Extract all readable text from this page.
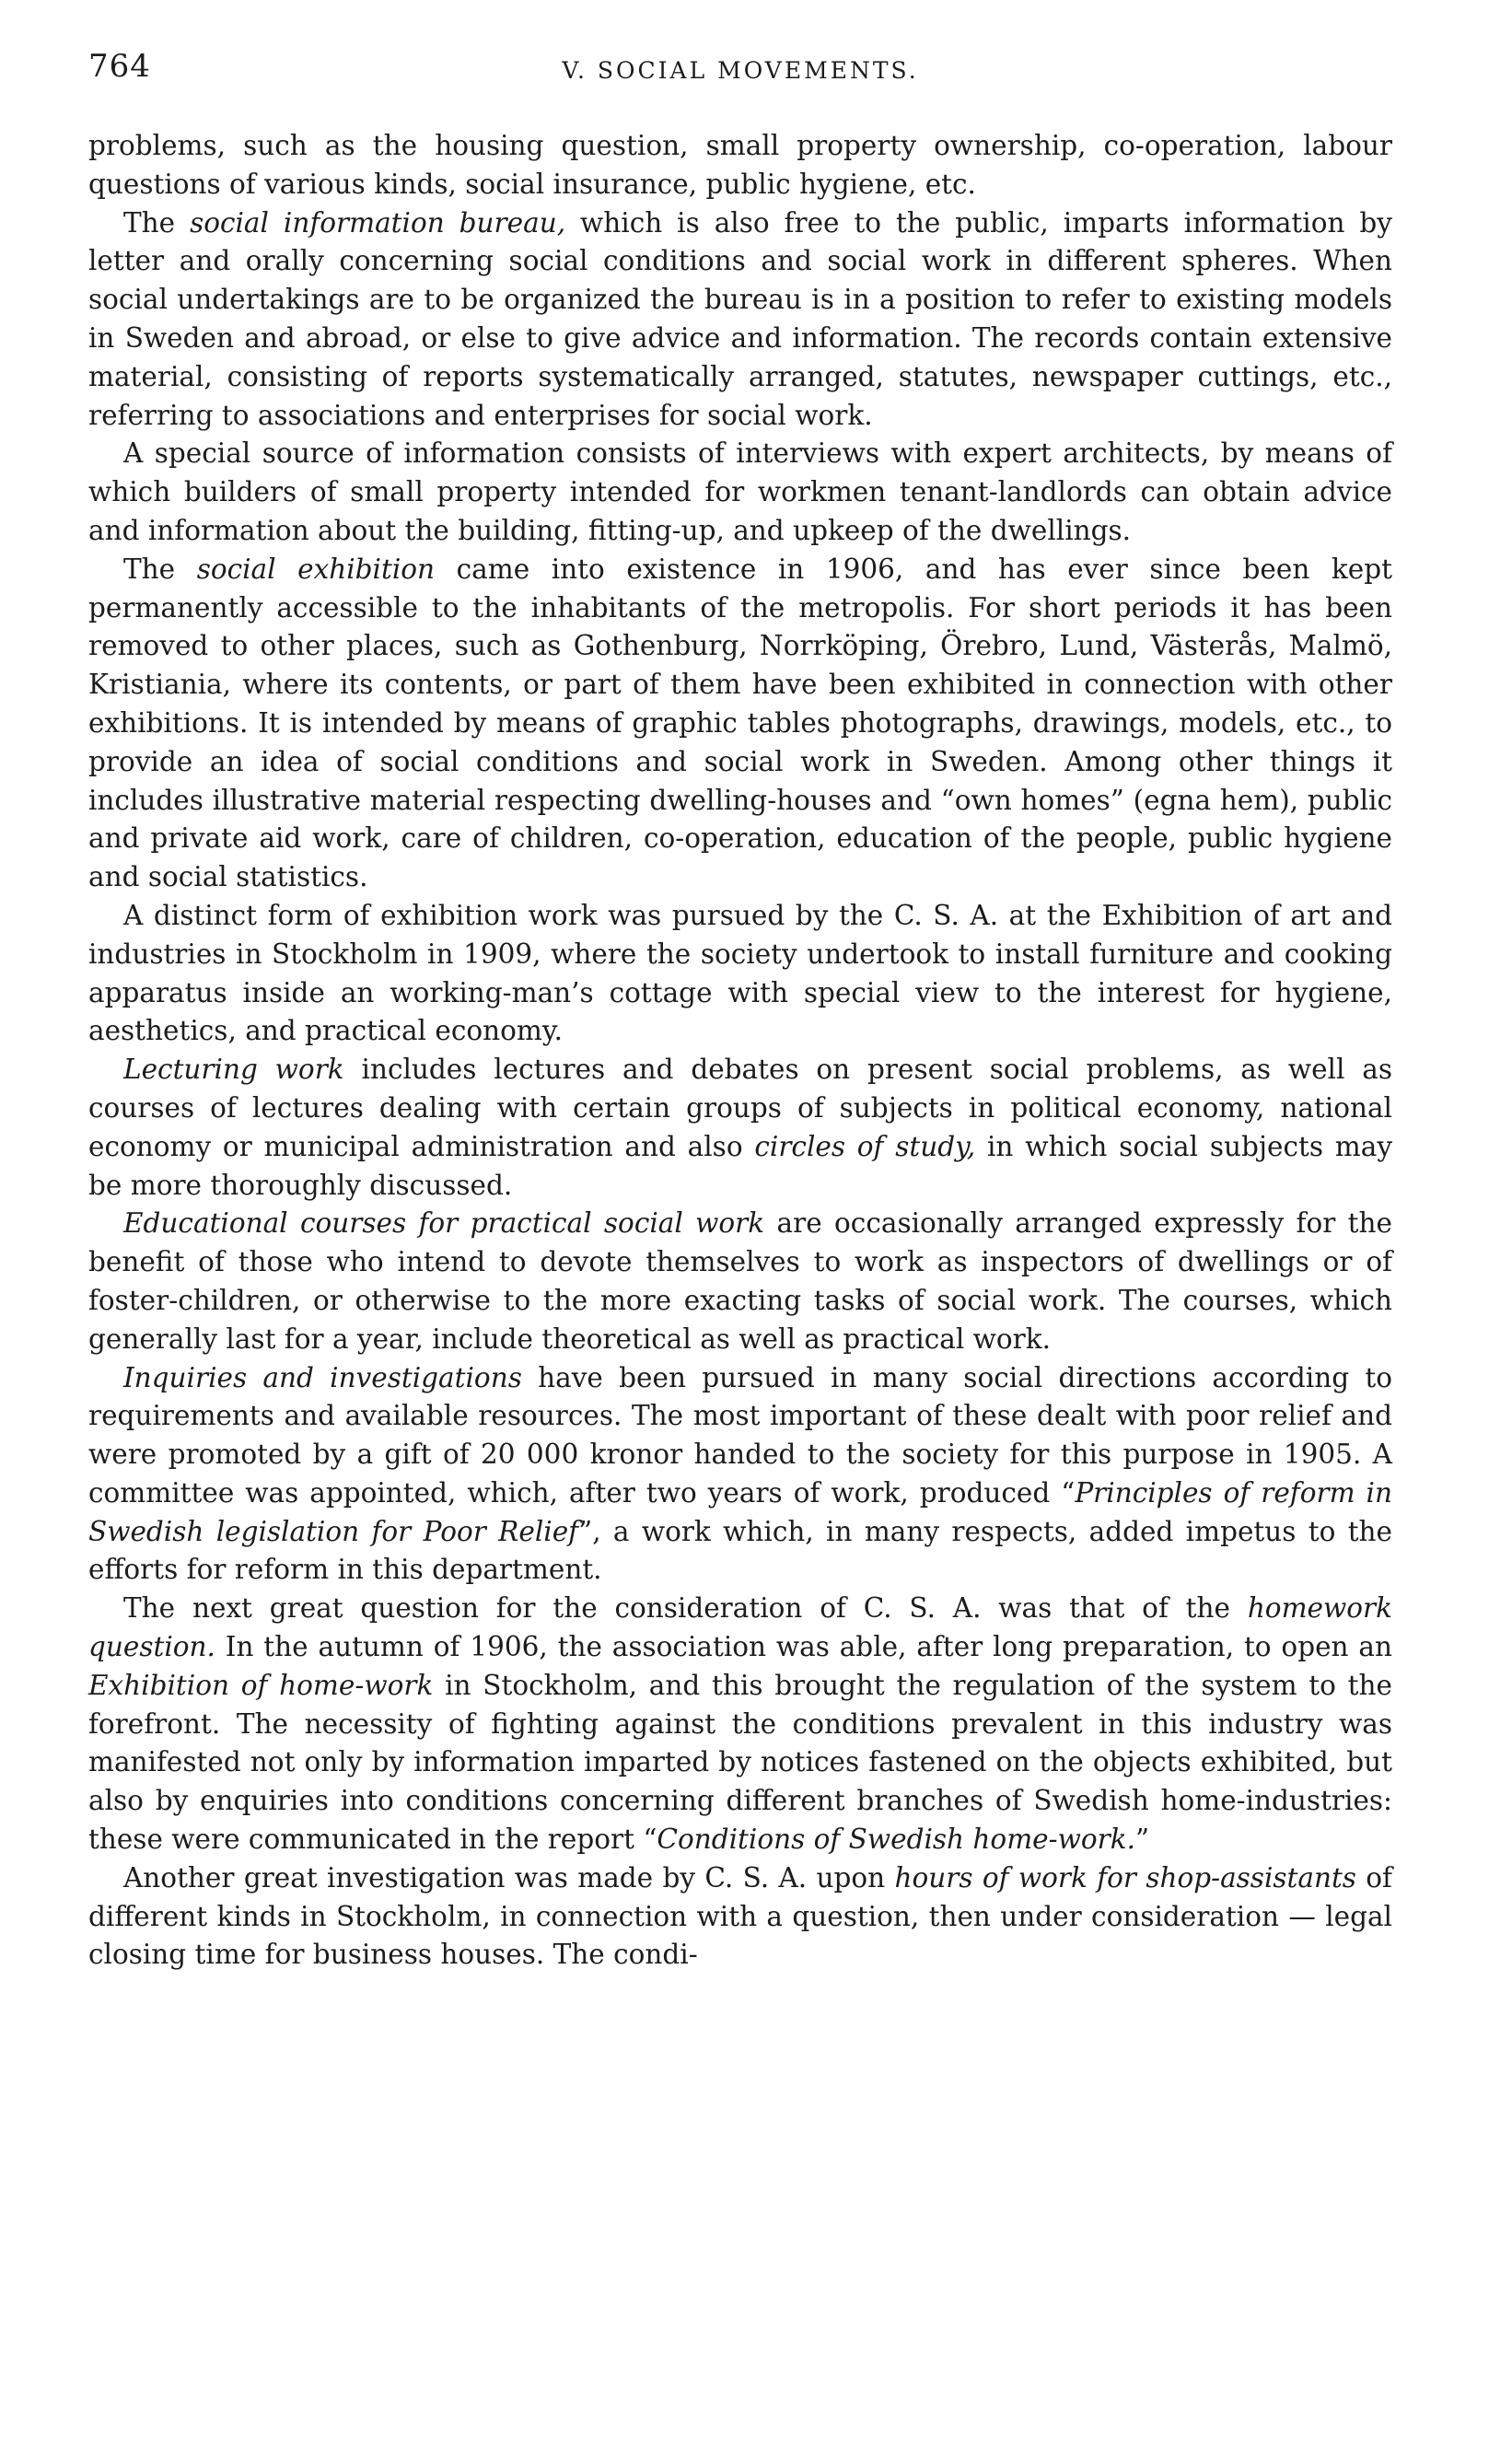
764	V. SOCIAL MOVEMENTS.

problems, such as the housing question, small property ownership, co-operation, labour questions of various kinds, social insurance, public hygiene, etc.

The social information bureau, which is also free to the public, imparts information by letter and orally concerning social conditions and social work in different spheres. When social undertakings are to be organized the bureau is in a position to refer to existing models in Sweden and abroad, or else to give advice and information. The records contain extensive material, consisting of reports systematically arranged, statutes, newspaper cuttings, etc., referring to associations and enterprises for social work.

A special source of information consists of interviews with expert architects, by means of which builders of small property intended for workmen tenant-landlords can obtain advice and information about the building, fitting-up, and upkeep of the dwellings.

The social exhibition came into existence in 1906, and has ever since been kept permanently accessible to the inhabitants of the metropolis. For short periods it has been removed to other places, such as Gothenburg, Norrköping, Örebro, Lund, Västerås, Malmö, Kristiania, where its contents, or part of them have been exhibited in connection with other exhibitions. It is intended by means of graphic tables photographs, drawings, models, etc., to provide an idea of social conditions and social work in Sweden. Among other things it includes illustrative material respecting dwelling-houses and “own homes” (egna hem), public and private aid work, care of children, co-operation, education of the people, public hygiene and social statistics.

A distinct form of exhibition work was pursued by the C. S. A. at the Exhibition of art and industries in Stockholm in 1909, where the society undertook to install furniture and cooking apparatus inside an working-man’s cottage with special view to the interest for hygiene, aesthetics, and practical economy.

Lecturing work includes lectures and debates on present social problems, as well as courses of lectures dealing with certain groups of subjects in political economy, national economy or municipal administration and also circles of study, in which social subjects may be more thoroughly discussed.

Educational courses for practical social work are occasionally arranged expressly for the benefit of those who intend to devote themselves to work as inspectors of dwellings or of foster-children, or otherwise to the more exacting tasks of social work. The courses, which generally last for a year, include theoretical as well as practical work.

Inquiries and investigations have been pursued in many social directions according to requirements and available resources. The most important of these dealt with poor relief and were promoted by a gift of 20 000 kronor handed to the society for this purpose in 1905. A committee was appointed, which, after two years of work, produced “Principles of reform in Swedish legislation for Poor Relief”, a work which, in many respects, added impetus to the efforts for reform in this department.

The next great question for the consideration of C. S. A. was that of the homework question. In the autumn of 1906, the association was able, after long preparation, to open an Exhibition of home-work in Stockholm, and this brought the regulation of the system to the forefront. The necessity of fighting against the conditions prevalent in this industry was manifested not only by information imparted by notices fastened on the objects exhibited, but also by enquiries into conditions concerning different branches of Swedish home-industries: these were communicated in the report “Conditions of Swedish home-work.”

Another great investigation was made by C. S. A. upon hours of work for shop-assistants of different kinds in Stockholm, in connection with a question, then under consideration — legal closing time for business houses. The condi-
